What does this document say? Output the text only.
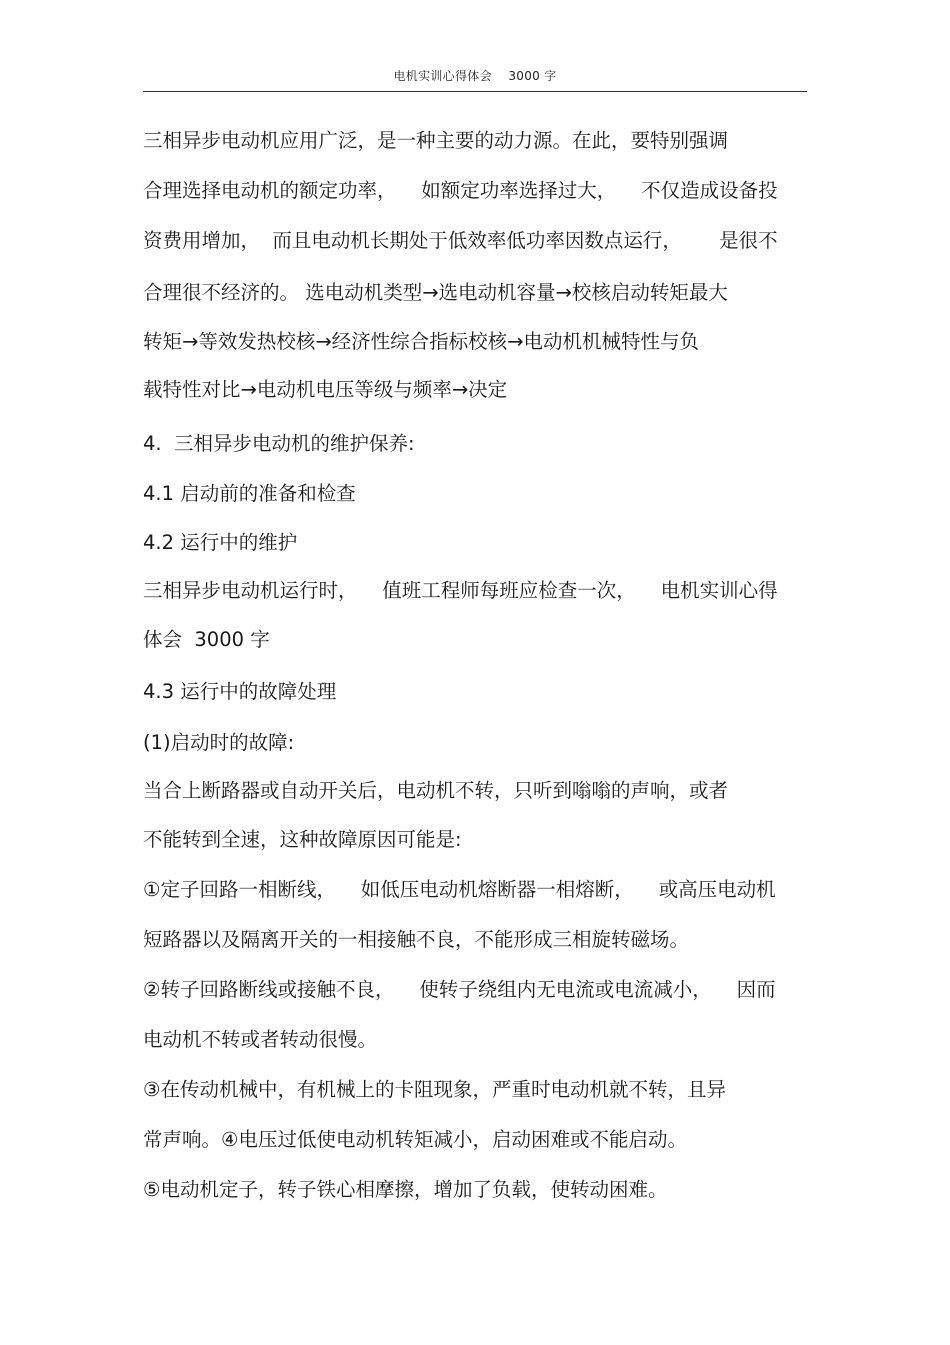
电机实训心得体会    3000 字
三相异步电动机应用广泛，是一种主要的动力源。在此，要特别强调
合理选择电动机的额定功率，    如额定功率选择过大，    不仅造成设备投
资费用增加，  而且电动机长期处于低效率低功率因数点运行，      是很不
合理很不经济的。 选电动机类型→选电动机容量→校核启动转矩最大
转矩→等效发热校核→经济性综合指标校核→电动机机械特性与负
载特性对比→电动机电压等级与频率→决定
4.  三相异步电动机的维护保养:
4.1 启动前的准备和检查
4.2 运行中的维护
三相异步电动机运行时，    值班工程师每班应检查一次，    电机实训心得
体会  3000 字
4.3 运行中的故障处理
(1)启动时的故障:
当合上断路器或自动开关后，电动机不转，只听到嗡嗡的声响，或者
不能转到全速，这种故障原因可能是:
①定子回路一相断线，    如低压电动机熔断器一相熔断，    或高压电动机
短路器以及隔离开关的一相接触不良，不能形成三相旋转磁场。
②转子回路断线或接触不良，    使转子绕组内无电流或电流减小，    因而
电动机不转或者转动很慢。
③在传动机械中，有机械上的卡阻现象，严重时电动机就不转，且异
常声响。④电压过低使电动机转矩减小，启动困难或不能启动。
⑤电动机定子，转子铁心相摩擦，增加了负载，使转动困难。
